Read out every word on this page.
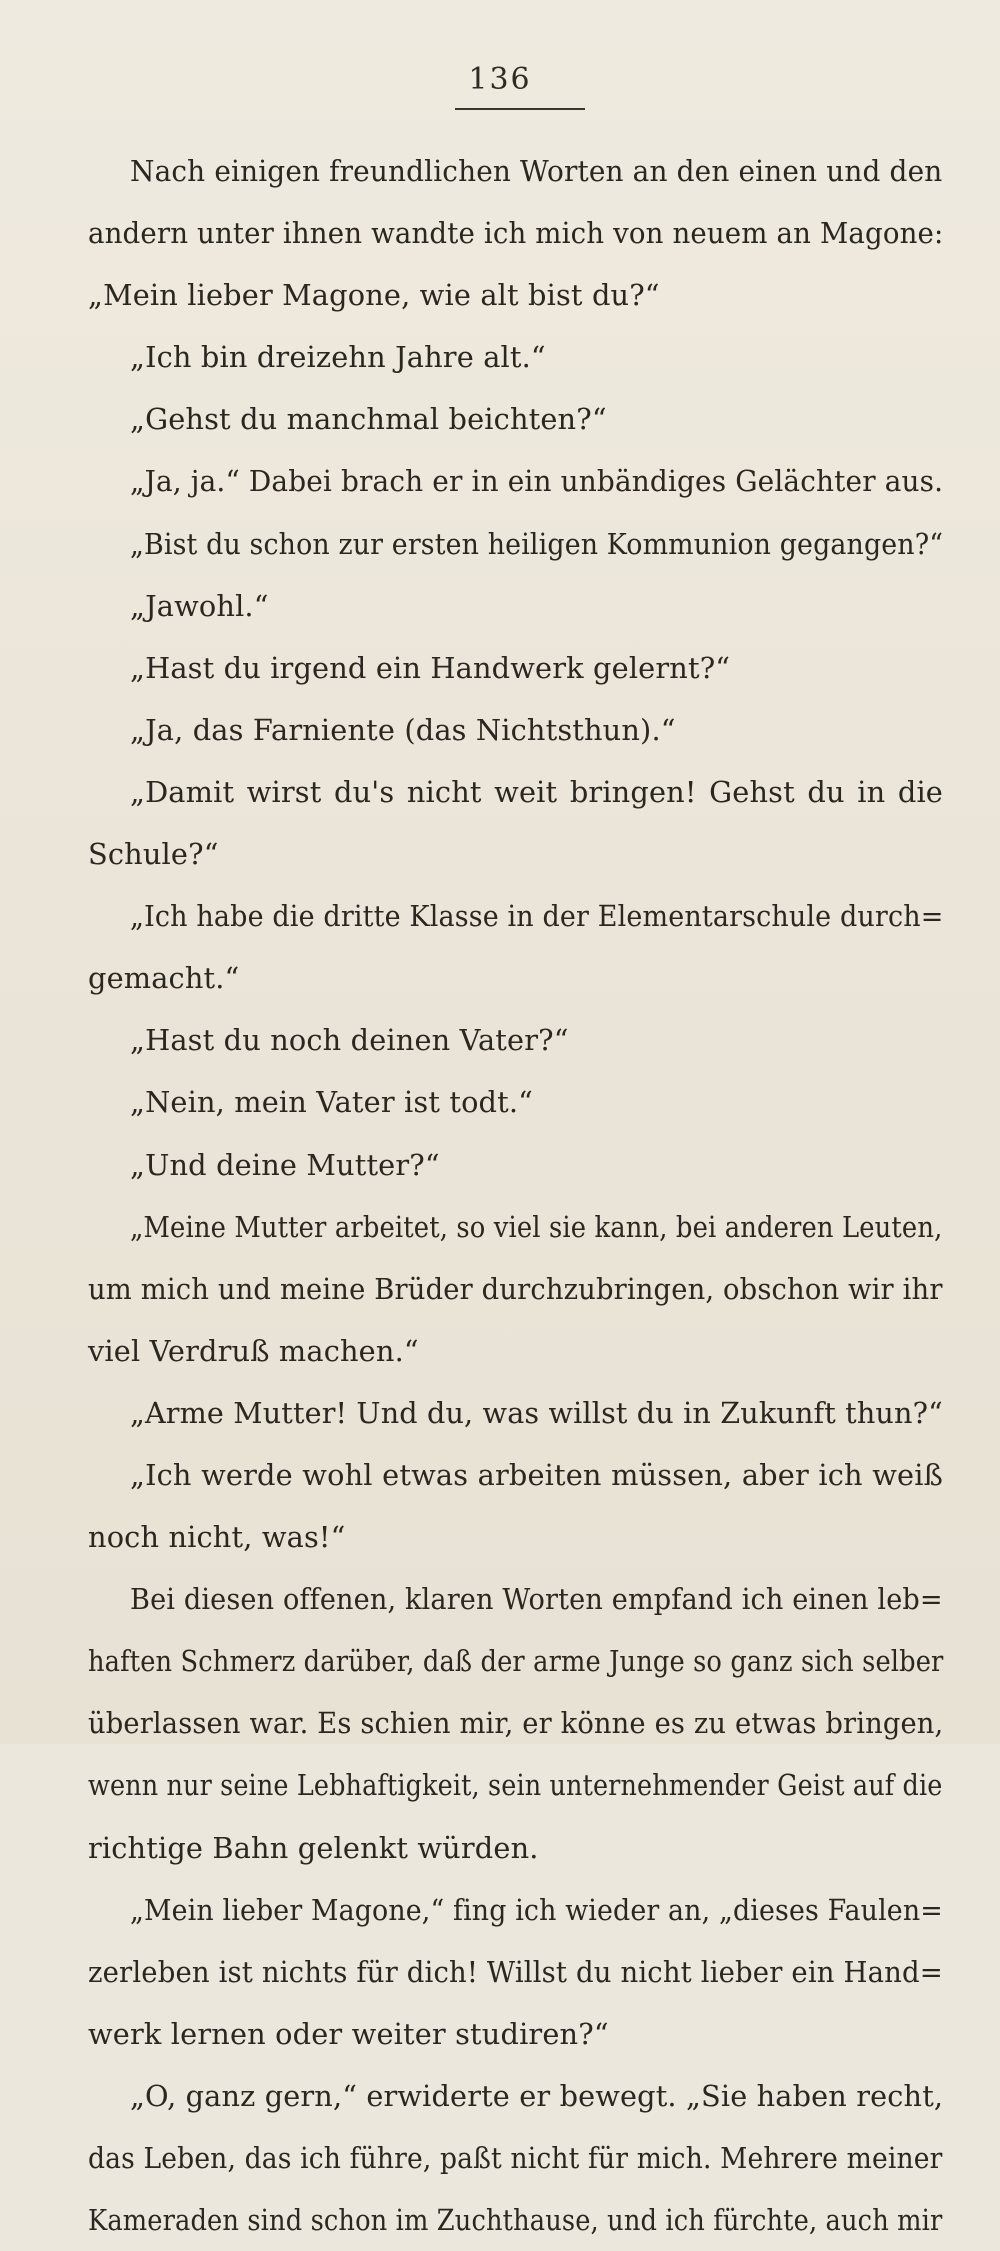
136
Nach einigen freundlichen Worten an den einen und den
andern unter ihnen wandte ich mich von neuem an Magone:
„Mein lieber Magone, wie alt bist du?“
„Ich bin dreizehn Jahre alt.“
„Gehst du manchmal beichten?“
„Ja, ja.“ Dabei brach er in ein unbändiges Gelächter aus.
„Bist du schon zur ersten heiligen Kommunion gegangen?“
„Jawohl.“
„Hast du irgend ein Handwerk gelernt?“
„Ja, das Farniente (das Nichtsthun).“
„Damit wirst du's nicht weit bringen! Gehst du in die
Schule?“
„Ich habe die dritte Klasse in der Elementarschule durch=
gemacht.“
„Hast du noch deinen Vater?“
„Nein, mein Vater ist todt.“
„Und deine Mutter?“
„Meine Mutter arbeitet, so viel sie kann, bei anderen Leuten,
um mich und meine Brüder durchzubringen, obschon wir ihr
viel Verdruß machen.“
„Arme Mutter! Und du, was willst du in Zukunft thun?“
„Ich werde wohl etwas arbeiten müssen, aber ich weiß
noch nicht, was!“
Bei diesen offenen, klaren Worten empfand ich einen leb=
haften Schmerz darüber, daß der arme Junge so ganz sich selber
überlassen war. Es schien mir, er könne es zu etwas bringen,
wenn nur seine Lebhaftigkeit, sein unternehmender Geist auf die
richtige Bahn gelenkt würden.
„Mein lieber Magone,“ fing ich wieder an, „dieses Faulen=
zerleben ist nichts für dich! Willst du nicht lieber ein Hand=
werk lernen oder weiter studiren?“
„O, ganz gern,“ erwiderte er bewegt. „Sie haben recht,
das Leben, das ich führe, paßt nicht für mich. Mehrere meiner
Kameraden sind schon im Zuchthause, und ich fürchte, auch mir
